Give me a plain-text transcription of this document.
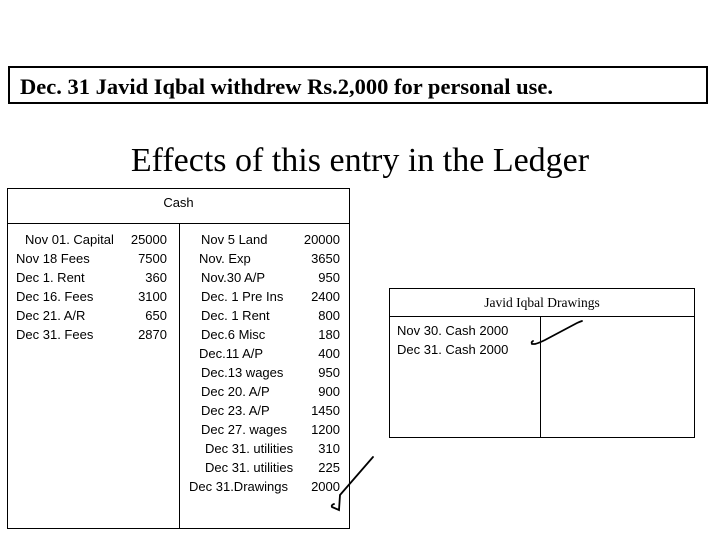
Dec. 31 Javid Iqbal withdrew Rs.2,000 for personal use.
Effects of this entry in the Ledger
Cash
Nov 01. Capital 25000
Nov 18 Fees	7500
Dec 1. Rent	360
Dec 16. Fees	3100
Dec 21. A/R	650
Dec 31. Fees	2870
Nov 5 Land	20000
Nov. Exp	3650
Nov.30 A/P	950
Dec. 1 Pre Ins 2400
Dec. 1 Rent	800
Dec.6 Misc	180
Dec.11 A/P	400
Dec.13 wages	950
Dec 20. A/P	900
Dec 23. A/P	1450
Dec 27. wages 1200
Dec 31. utilities 310
Dec 31. utilities 225
Dec 31.Drawings 2000
Javid Iqbal Drawings
Nov 30. Cash 2000
Dec 31. Cash 2000
